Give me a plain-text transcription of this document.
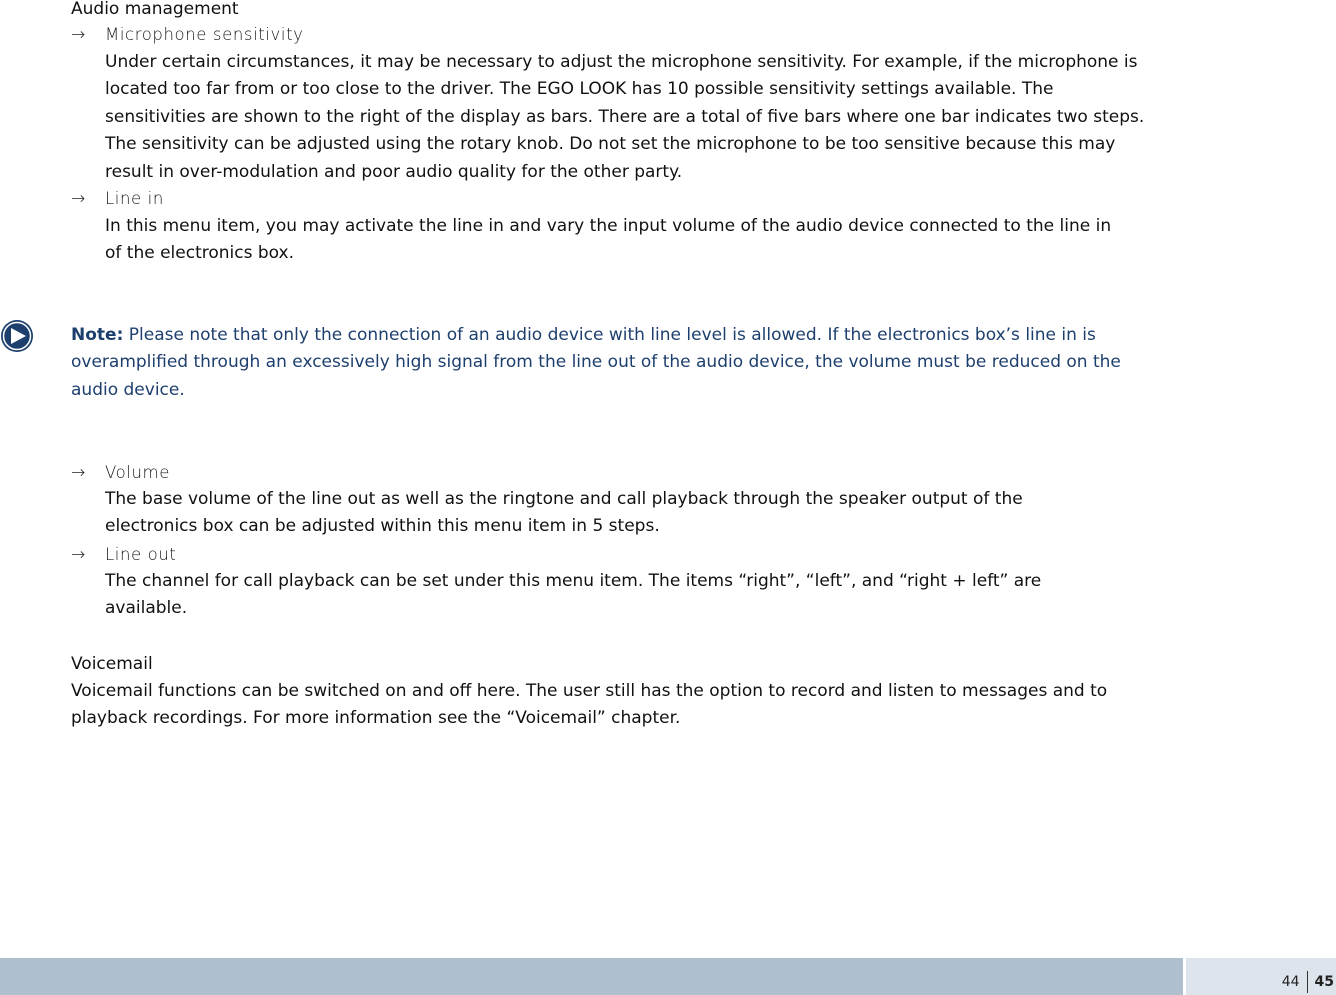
Audio management
→ Microphone sensitivity
Under certain circumstances, it may be necessary to adjust the microphone sensitivity. For example, if the microphone is located too far from or too close to the driver. The EGO LOOK has 10 possible sensitivity settings available. The sensitivities are shown to the right of the display as bars. There are a total of five bars where one bar indicates two steps. The sensitivity can be adjusted using the rotary knob. Do not set the microphone to be too sensitive because this may result in over-modulation and poor audio quality for the other party.
→ Line in
In this menu item, you may activate the line in and vary the input volume of the audio device connected to the line in of the electronics box.
→ Volume
The base volume of the line out as well as the ringtone and call playback through the speaker output of the electronics box can be adjusted within this menu item in 5 steps.
→ Line out
The channel for call playback can be set under this menu item. The items “right”, “left”, and “right + left” are available.
Voicemail
Voicemail functions can be switched on and off here. The user still has the option to record and listen to messages and to playback recordings. For more information see the “Voicemail” chapter.
Note: Please note that only the connection of an audio device with line level is allowed. If the electronics box’s line in is overamplified through an excessively high signal from the line out of the audio device, the volume must be reduced on the audio device.
44	45
